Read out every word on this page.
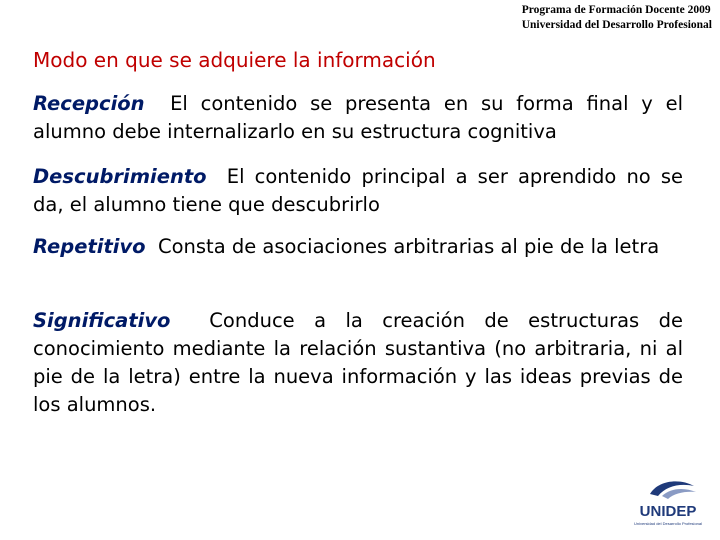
Programa de Formación Docente 2009
Universidad del Desarrollo Profesional
Modo en que se adquiere la información
Recepción El contenido se presenta en su forma final y el alumno debe internalizarlo en su estructura cognitiva
Descubrimiento El contenido principal a ser aprendido no se da, el alumno tiene que descubrirlo
Repetitivo Consta de asociaciones arbitrarias al pie de la letra
Significativo Conduce a la creación de estructuras de conocimiento mediante la relación sustantiva (no arbitraria, ni al pie de la letra) entre la nueva información y las ideas previas de los alumnos.
UNIDEP
Universidad del Desarrollo Profesional
